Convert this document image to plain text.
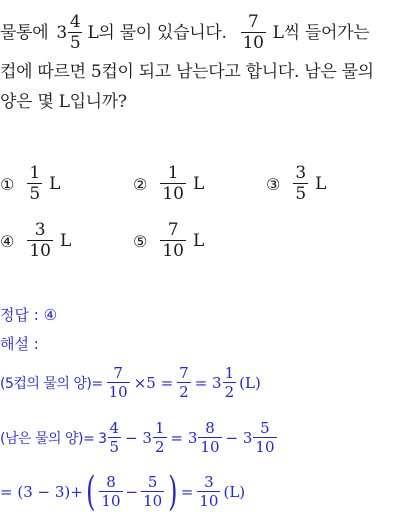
물통에 $3 \frac{4}{5}$ L의 물이 있습니다. $\frac{7}{10}$ L씩 들어가는
컵에 따르면 5컵이 되고 남는다고 합니다. 남은 물의
양은 몇 L입니까?
① $\frac{1}{5}$ L	② $\frac{1}{10}$ L	③ $\frac{3}{5}$ L
④ $\frac{3}{10}$ L	⑤ $\frac{7}{10}$ L
정답 : ④
해설 :
(5컵의 물의 양)= $\frac{7}{10} \times 5 = \frac{7}{2} = 3 \frac{1}{2} (L)$
(남은 물의 양)= $3 \frac{4}{5} - 3 \frac{1}{2} = 3 \frac{8}{10} - 3 \frac{5}{10}$
= (3 − 3)+ ( $\frac{8}{10} - \frac{5}{10}$ ) = $\frac{3}{10} (L)$
